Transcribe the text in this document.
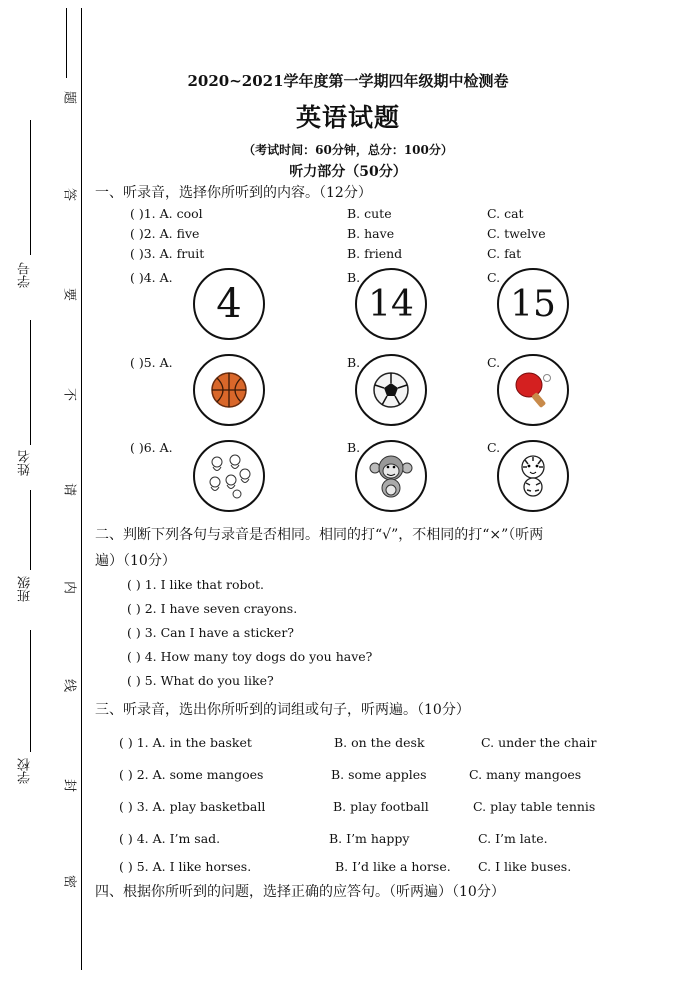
学号
姓名
班级
学校
题
答
要
不
请
内
线
封
密
2020~2021学年度第一学期四年级期中检测卷
英语试题
（考试时间：60分钟，总分：100分）
听力部分（50分）
一、听录音，选择你所听到的内容。（12分）
( )1. A. cool	B. cute	C. cat
( )2. A. five	B. have	C. twelve
( )3. A. fruit	B. friend	C. fat
( )4. A.	B.	C.
4	14	15
( )5. A.	B.	C.
( )6. A.	B.	C.
二、判断下列各句与录音是否相同。相同的打“√”，不相同的打“×”（听两
遍）（10分）
( ) 1. I like that robot.
( ) 2. I have seven crayons.
( ) 3. Can I have a sticker?
( ) 4. How many toy dogs do you have?
( ) 5. What do you like?
三、听录音，选出你所听到的词组或句子，听两遍。（10分）
( ) 1. A. in the basket	B. on the desk	C. under the chair
( ) 2. A. some mangoes	B. some apples	C. many mangoes
( ) 3. A. play basketball	B. play football	C. play table tennis
( ) 4. A. I’m sad.	B. I’m happy	C. I’m late.
( ) 5. A. I like horses.	B. I’d like a horse. C. I like buses.
四、根据你所听到的问题，选择正确的应答句。（听两遍）（10分）
